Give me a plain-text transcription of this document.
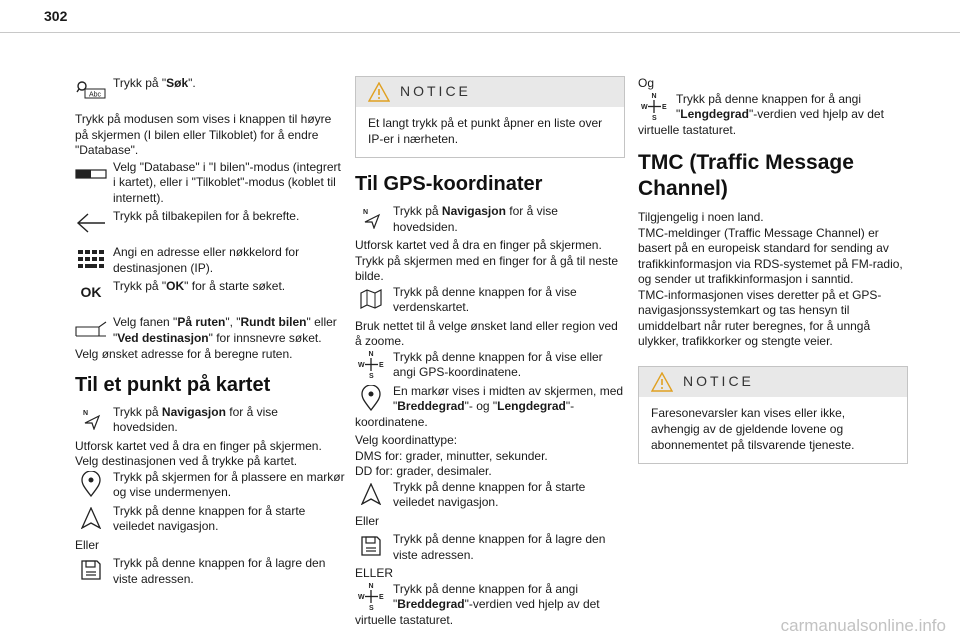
302
Abc
Trykk på "Søk".

Trykk på modusen som vises i knappen til høyre på skjermen (I bilen eller Tilkoblet) for å endre "Database".

Velg "Database" i "I bilen"-modus (integrert i kartet), eller i "Tilkoblet"-modus (koblet til internett).
Trykk på tilbakepilen for å bekrefte.
Angi en adresse eller nøkkelord for destinasjonen (IP).
OK Trykk på "OK" for å starte søket.
Velg fanen "På ruten", "Rundt bilen" eller "Ved destinasjon" for innsnevre søket.

Velg ønsket adresse for å beregne ruten.

Til et punkt på kartet
N Trykk på Navigasjon for å vise hovedsiden.
Utforsk kartet ved å dra en finger på skjermen.
Velg destinasjonen ved å trykke på kartet.
Trykk på skjermen for å plassere en markør og vise undermenyen.
Trykk på denne knappen for å starte veiledet navigasjon.
Eller
Trykk på denne knappen for å lagre den viste adressen.
NOTICE
Et langt trykk på et punkt åpner en liste over IP-er i nærheten.
Til GPS-koordinater
N Trykk på Navigasjon for å vise hovedsiden.
Utforsk kartet ved å dra en finger på skjermen.
Trykk på skjermen med en finger for å gå til neste bilde.
Trykk på denne knappen for å vise verdenskartet.
Bruk nettet til å velge ønsket land eller region ved å zoome.
N
W E
S
Trykk på denne knappen for å vise eller angi GPS-koordinatene.
En markør vises i midten av skjermen, med "Breddegrad"- og "Lengdegrad"-koordinatene.
Velg koordinattype:
DMS for: grader, minutter, sekunder.
DD for: grader, desimaler.
Trykk på denne knappen for å starte veiledet navigasjon.
Eller
Trykk på denne knappen for å lagre den viste adressen.
ELLER
N
W E
S
Trykk på denne knappen for å angi "Breddegrad"-verdien ved hjelp av det virtuelle tastaturet.
Og
N
W E
S
Trykk på denne knappen for å angi "Lengdegrad"-verdien ved hjelp av det virtuelle tastaturet.
TMC (Traffic Message Channel)
Tilgjengelig i noen land.
TMC-meldinger (Traffic Message Channel) er basert på en europeisk standard for sending av trafikkinformasjon via RDS-systemet på FM-radio, og sender ut trafikkinformasjon i sanntid.
TMC-informasjonen vises deretter på et GPS-navigasjonssystemkart og tas hensyn til umiddelbart når ruter beregnes, for å unngå ulykker, trafikkorker og stengte veier.
NOTICE
Faresonevarsler kan vises eller ikke, avhengig av de gjeldende lovene og abonnementet på tilsvarende tjeneste.
carmanualsonline.info
